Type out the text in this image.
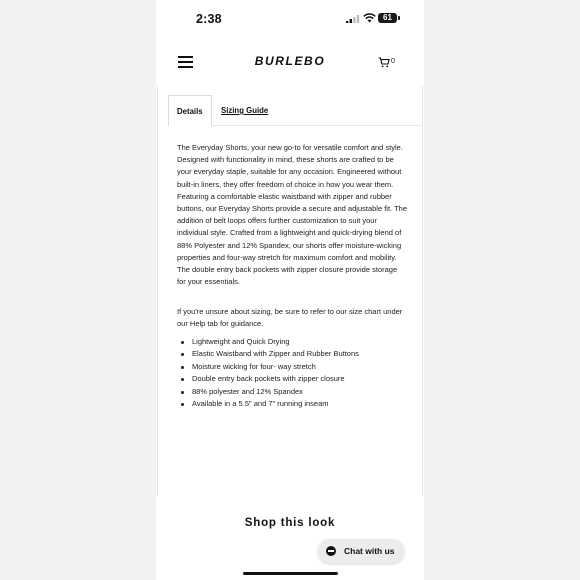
2:38	61
BURLEBO	0
Details Sizing Guide

The Everyday Shorts, your new go-to for versatile comfort and style. Designed with functionality in mind, these shorts are crafted to be your everyday staple, suitable for any occasion. Engineered without built-in liners, they offer freedom of choice in how you wear them. Featuring a comfortable elastic waistband with zipper and rubber buttons, our Everyday Shorts provide a secure and adjustable fit. The addition of belt loops offers further customization to suit your individual style. Crafted from a lightweight and quick-drying blend of 88% Polyester and 12% Spandex, our shorts offer moisture-wicking properties and four-way stretch for maximum comfort and mobility. The double entry back pockets with zipper closure provide storage for your essentials.

If you're unsure about sizing, be sure to refer to our size chart under our Help tab for guidance.

Lightweight and Quick Drying
Elastic Waistband with Zipper and Rubber Buttons
Moisture wicking for four- way stretch
Double entry back pockets with zipper closure
88% polyester and 12% Spandex
Available in a 5.5" and 7" running inseam
Shop this look
Chat with us
